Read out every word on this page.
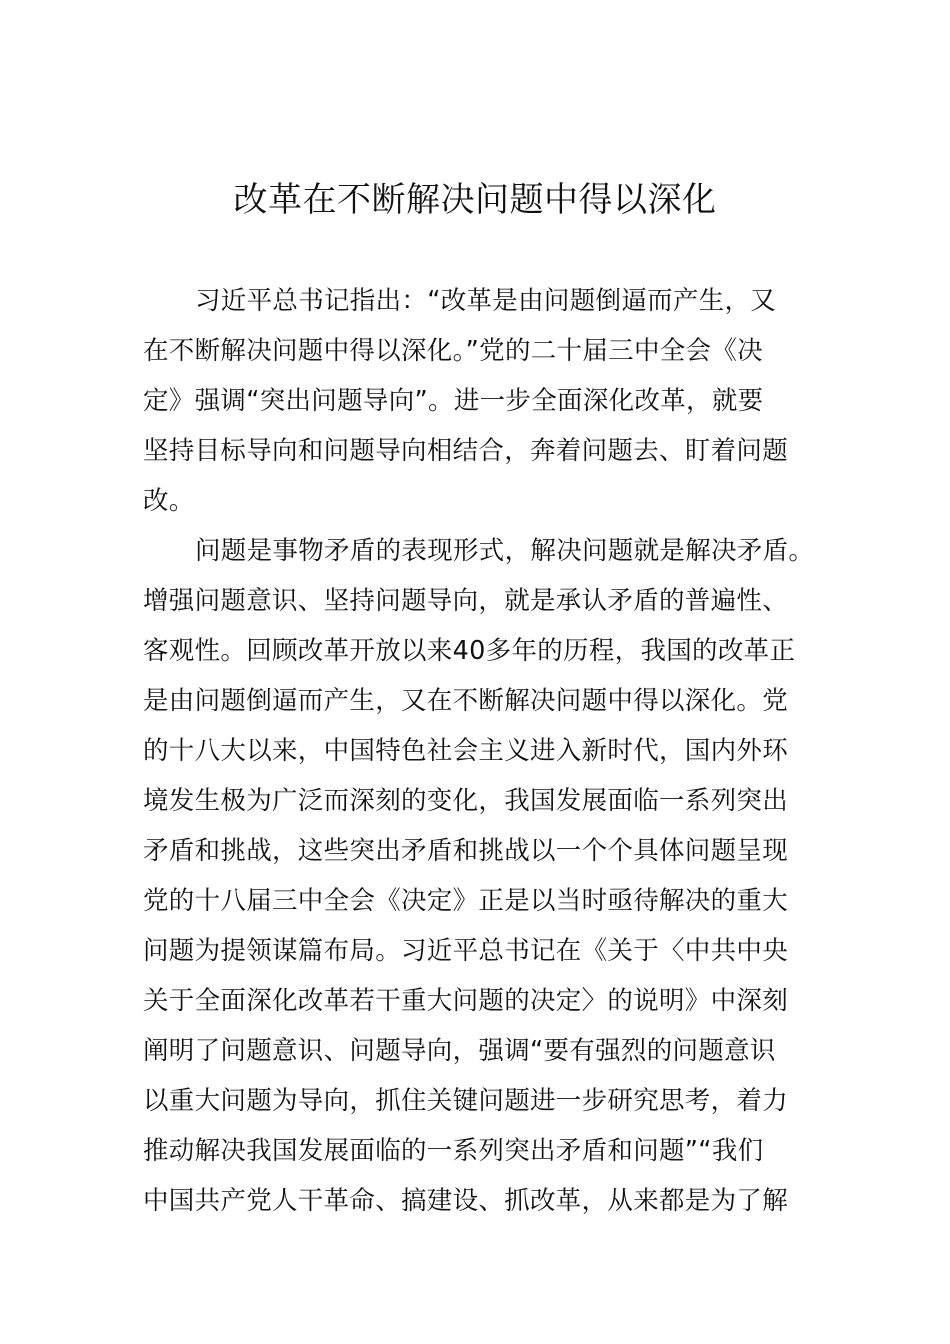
改革在不断解决问题中得以深化
习近平总书记指出：“改革是由问题倒逼而产生，又
在不断解决问题中得以深化。”党的二十届三中全会《决
定》强调“突出问题导向”。进一步全面深化改革，就要
坚持目标导向和问题导向相结合，奔着问题去、盯着问题
改。
问题是事物矛盾的表现形式，解决问题就是解决矛盾。
增强问题意识、坚持问题导向，就是承认矛盾的普遍性、
客观性。回顾改革开放以来40多年的历程，我国的改革正
是由问题倒逼而产生，又在不断解决问题中得以深化。党
的十八大以来，中国特色社会主义进入新时代，国内外环
境发生极为广泛而深刻的变化，我国发展面临一系列突出
矛盾和挑战，这些突出矛盾和挑战以一个个具体问题呈现
党的十八届三中全会《决定》正是以当时亟待解决的重大
问题为提领谋篇布局。习近平总书记在《关于〈中共中央
关于全面深化改革若干重大问题的决定〉的说明》中深刻
阐明了问题意识、问题导向，强调“要有强烈的问题意识
以重大问题为导向，抓住关键问题进一步研究思考，着力
推动解决我国发展面临的一系列突出矛盾和问题”“我们
中国共产党人干革命、搞建设、抓改革，从来都是为了解
